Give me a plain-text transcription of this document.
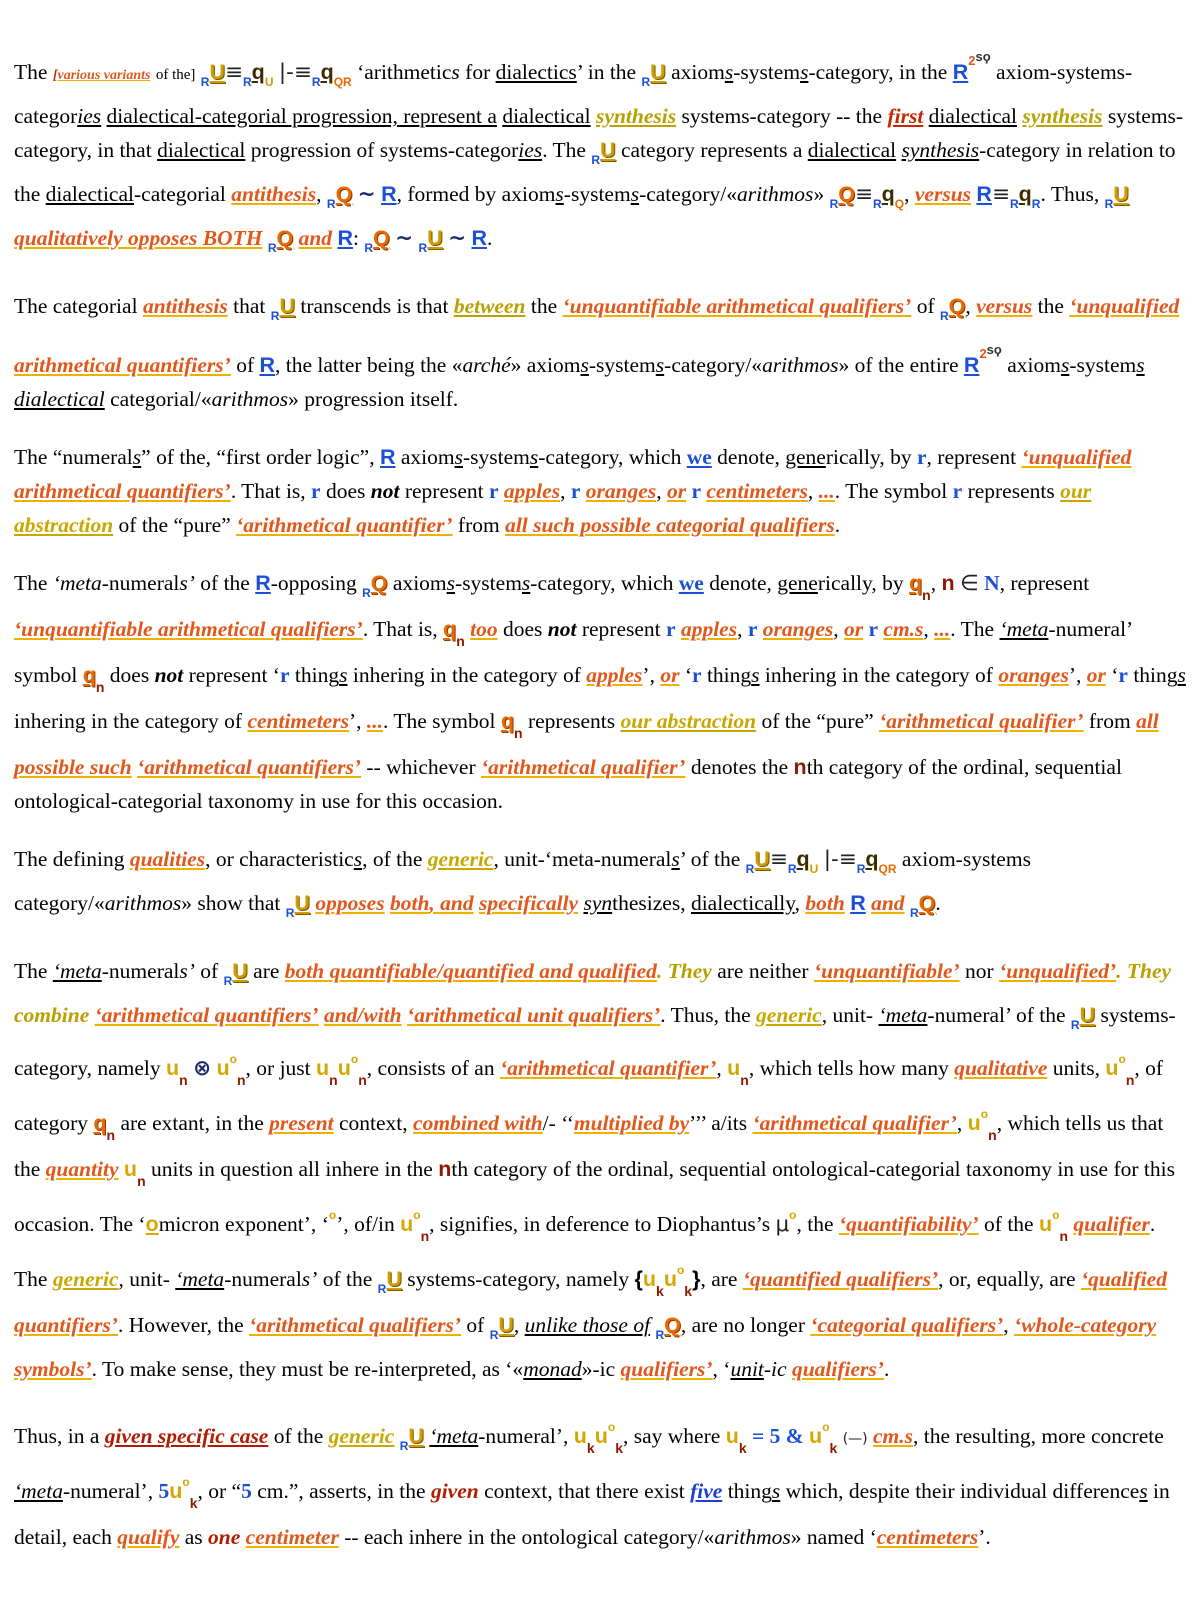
The [various variants of the] $_RU\equiv_Rq_U$ $|-\equiv_Rq_{QR}$ ‘arithmetics for dialectics’ in the $_R$U axioms-systems-category, in the $R^{2sϙ}$ axiom-systems-categories dialectical-categorial progression, represent a dialectical synthesis systems-category -- the first dialectical synthesis systems-category, in that dialectical progression of systems-categories. The $_R$U category represents a dialectical synthesis-category in relation to the dialectical-categorial antithesis, $_R$Q ~ R, formed by axioms-systems-category/«arithmos» $_RQ\equiv_Rq_Q$, versus $R\equiv_Rq_R$. Thus, $_R$U qualitatively opposes BOTH $_R$Q and R: $_R$Q ~ $_R$U ~ R.

The categorial antithesis that $_R$U transcends is that between the ‘unquantifiable arithmetical qualifiers’ of $_R$Q, versus the ‘unqualified arithmetical quantifiers’ of R, the latter being the «arché» axioms-systems-category/«arithmos» of the entire $R^{2sϙ}$ axioms-systems dialectical categorial/«arithmos» progression itself.

The “numerals” of the, “first order logic”, R axioms-systems-category, which we denote, generically, by r, represent ‘unqualified arithmetical quantifiers’. That is, r does not represent r apples, r oranges, or r centimeters, .... The symbol r represents our abstraction of the “pure” ‘arithmetical quantifier’ from all such possible categorial qualifiers.

The ‘meta-numerals’ of the R-opposing $_R$Q axioms-systems-category, which we denote, generically, by $q_n$, n ∈ N, represent ‘unquantifiable arithmetical qualifiers’. That is, $q_n$ too does not represent r apples, r oranges, or r cm.s, .... The ‘meta-numeral’ symbol $q_n$ does not represent ‘r things inhering in the category of apples’, or ‘r things inhering in the category of oranges’, or ‘r things inhering in the category of centimeters’, .... The symbol $q_n$ represents our abstraction of the “pure” ‘arithmetical qualifier’ from all possible such ‘arithmetical quantifiers’ -- whichever ‘arithmetical qualifier’ denotes the nth category of the ordinal, sequential ontological-categorial taxonomy in use for this occasion.

The defining qualities, or characteristics, of the generic, unit-‘meta-numerals’ of the $_RU\equiv_Rq_U$ $|-\equiv_Rq_{QR}$ axiom-systems category/«arithmos» show that $_R$U opposes both, and specifically synthesizes, dialectically, both R and $_R$Q.

The ‘meta-numerals’ of $_R$U are both quantifiable/quantified and qualified. They are neither ‘unquantifiable’ nor ‘unqualified’. They combine ‘arithmetical quantifiers’ and/with ‘arithmetical unit qualifiers’. Thus, the generic, unit- ‘meta-numeral’ of the $_R$U systems-category, namely $u_n$ ⊗ $u^o_n$, or just $u_nu^o_n$, consists of an ‘arithmetical quantifier’, $u_n$, which tells how many qualitative units, $u^o_n$, of category $q_n$ are extant, in the present context, combined with/- ‘‘multiplied by’’’ a/its ‘arithmetical qualifier’, $u^o_n$, which tells us that the quantity $u_n$ units in question all inhere in the nth category of the ordinal, sequential ontological-categorial taxonomy in use for this occasion. The ‘omicron exponent’, ‘$^o$’, of/in $u^o_n$, signifies, in deference to Diophantus’s $\mu^o$, the ‘quantifiability’ of the $u^o_n$ qualifier. The generic, unit- ‘meta-numerals’ of the $_R$U systems-category, namely $\{u_ku^o_k\}$, are ‘quantified qualifiers’, or, equally, are ‘qualified quantifiers’. However, the ‘arithmetical qualifiers’ of $_R$U, unlike those of $_R$Q, are no longer ‘categorial qualifiers’, ‘whole-category symbols’. To make sense, they must be re-interpreted, as ‘«monad»-ic qualifiers’, ‘unit-ic qualifiers’.

Thus, in a given specific case of the generic $_R$U ‘meta-numeral’, $u_ku^o_k$, say where $u_k = 5$ & $u^o_k$ (—) cm.s, the resulting, more concrete ‘meta-numeral’, $5u^o_k$, or “5 cm.”, asserts, in the given context, that there exist five things which, despite their individual differences in detail, each qualify as one centimeter -- each inhere in the ontological category/«arithmos» named ‘centimeters’.
